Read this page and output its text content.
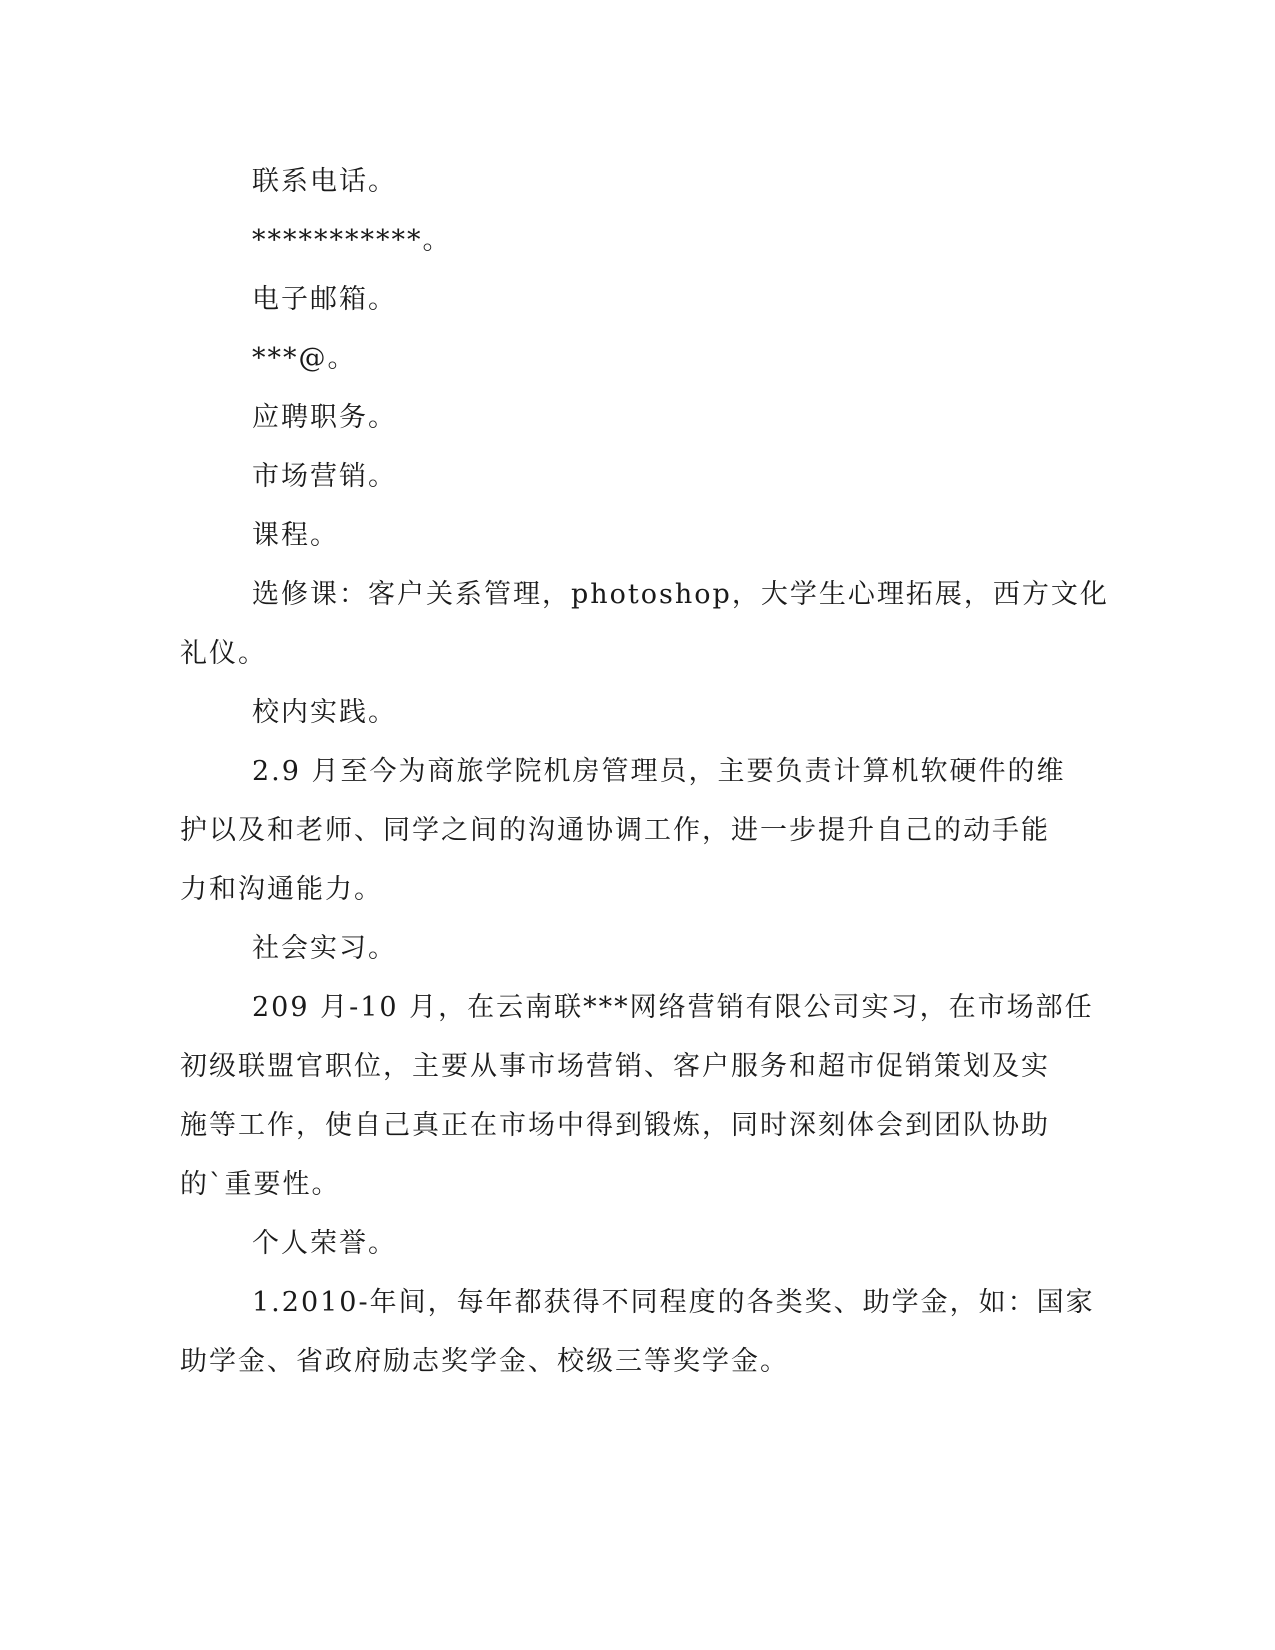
联系电话。

***********。

电子邮箱。

***@。

应聘职务。

市场营销。

课程。

选修课：客户关系管理，photoshop，大学生心理拓展，西方文化
礼仪。

校内实践。

2.9 月至今为商旅学院机房管理员，主要负责计算机软硬件的维
护以及和老师、同学之间的沟通协调工作，进一步提升自己的动手能
力和沟通能力。

社会实习。

209 月-10 月，在云南联***网络营销有限公司实习，在市场部任
初级联盟官职位，主要从事市场营销、客户服务和超市促销策划及实
施等工作，使自己真正在市场中得到锻炼，同时深刻体会到团队协助
的`重要性。

个人荣誉。

1.2010-年间，每年都获得不同程度的各类奖、助学金，如：国家
助学金、省政府励志奖学金、校级三等奖学金。
